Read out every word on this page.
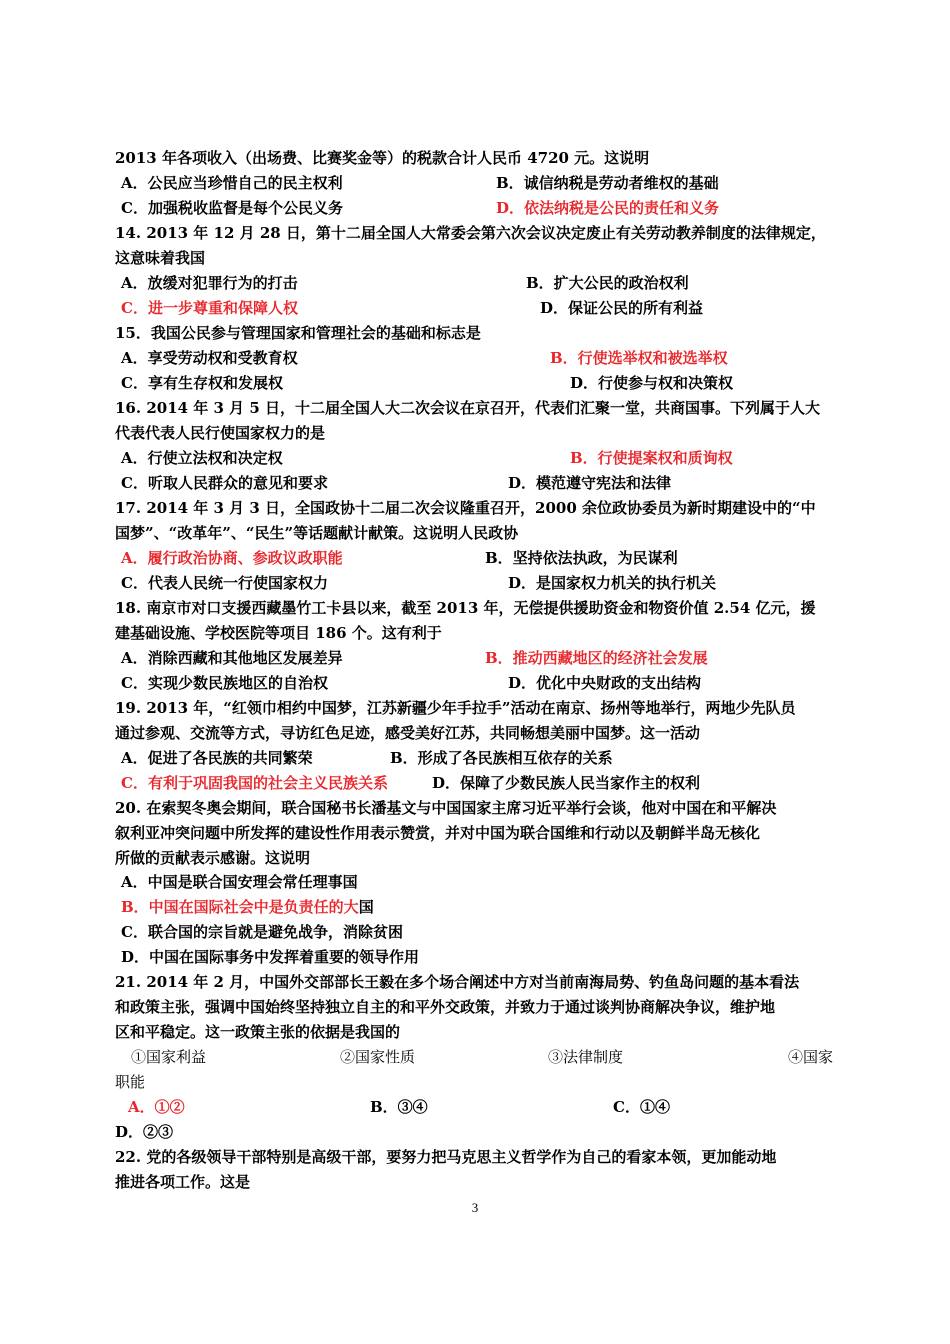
2013 年各项收入（出场费、比赛奖金等）的税款合计人民币 4720 元。这说明
A．公民应当珍惜自己的民主权利	B．诚信纳税是劳动者维权的基础
C．加强税收监督是每个公民义务	D．依法纳税是公民的责任和义务
14. 2013 年 12 月 28 日，第十二届全国人大常委会第六次会议决定废止有关劳动教养制度的法律规定，
这意味着我国
A．放缓对犯罪行为的打击	B．扩大公民的政治权利
C．进一步尊重和保障人权	D．保证公民的所有利益
15．我国公民参与管理国家和管理社会的基础和标志是
A．享受劳动权和受教育权	B．行使选举权和被选举权
C．享有生存权和发展权	D．行使参与权和决策权
16. 2014 年 3 月 5 日，十二届全国人大二次会议在京召开，代表们汇聚一堂，共商国事。下列属于人大
代表代表人民行使国家权力的是
A．行使立法权和决定权	B．行使提案权和质询权
C．听取人民群众的意见和要求	D．模范遵守宪法和法律
17. 2014 年 3 月 3 日，全国政协十二届二次会议隆重召开，2000 余位政协委员为新时期建设中的“中
国梦”、“改革年”、“民生”等话题献计献策。这说明人民政协
A．履行政治协商、参政议政职能	B．坚持依法执政，为民谋利
C．代表人民统一行使国家权力	D．是国家权力机关的执行机关
18. 南京市对口支援西藏墨竹工卡县以来，截至 2013 年，无偿提供援助资金和物资价值 2.54 亿元，援
建基础设施、学校医院等项目 186 个。这有利于
A．消除西藏和其他地区发展差异	B．推动西藏地区的经济社会发展
C．实现少数民族地区的自治权	D．优化中央财政的支出结构
19. 2013 年，“红领巾相约中国梦，江苏新疆少年手拉手”活动在南京、扬州等地举行，两地少先队员
通过参观、交流等方式，寻访红色足迹，感受美好江苏，共同畅想美丽中国梦。这一活动
A．促进了各民族的共同繁荣	B．形成了各民族相互依存的关系
C．有利于巩固我国的社会主义民族关系	D．保障了少数民族人民当家作主的权利
20. 在索契冬奥会期间，联合国秘书长潘基文与中国国家主席习近平举行会谈，他对中国在和平解决
叙利亚冲突问题中所发挥的建设性作用表示赞赏，并对中国为联合国维和行动以及朝鲜半岛无核化
所做的贡献表示感谢。这说明
A．中国是联合国安理会常任理事国
B．中国在国际社会中是负责任的大国
C．联合国的宗旨就是避免战争，消除贫困
D．中国在国际事务中发挥着重要的领导作用
21. 2014 年 2 月，中国外交部部长王毅在多个场合阐述中方对当前南海局势、钓鱼岛问题的基本看法
和政策主张，强调中国始终坚持独立自主的和平外交政策，并致力于通过谈判协商解决争议，维护地
区和平稳定。这一政策主张的依据是我国的
①国家利益	②国家性质	③法律制度	④国家
职能
A．①②	B．③④	C．①④
D．②③
22. 党的各级领导干部特别是高级干部，要努力把马克思主义哲学作为自己的看家本领，更加能动地
推进各项工作。这是
3
